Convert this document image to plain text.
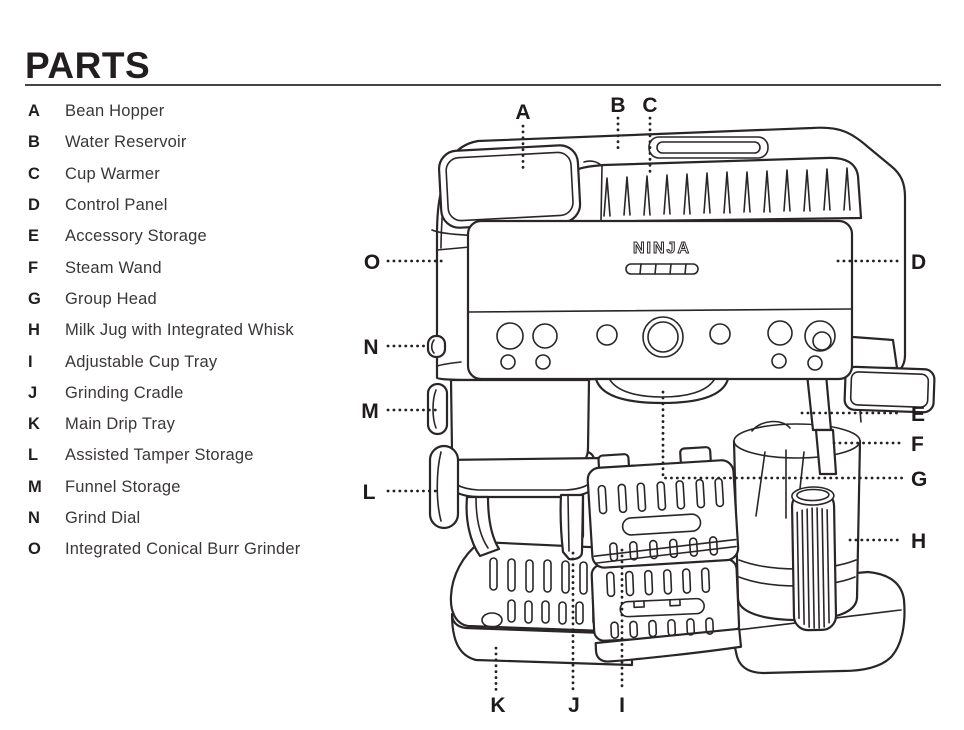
PARTS
A	Bean Hopper
B	Water Reservoir
C	Cup Warmer
D	Control Panel
E	Accessory Storage
F	Steam Wand
G	Group Head
H	Milk Jug with Integrated Whisk
I	Adjustable Cup Tray
J	Grinding Cradle
K	Main Drip Tray
L	Assisted Tamper Storage
M	Funnel Storage
N	Grind Dial
O	Integrated Conical Burr Grinder
NINJA
A	B C
D
E
F
G
H
I
J
K
L
M
N
O
